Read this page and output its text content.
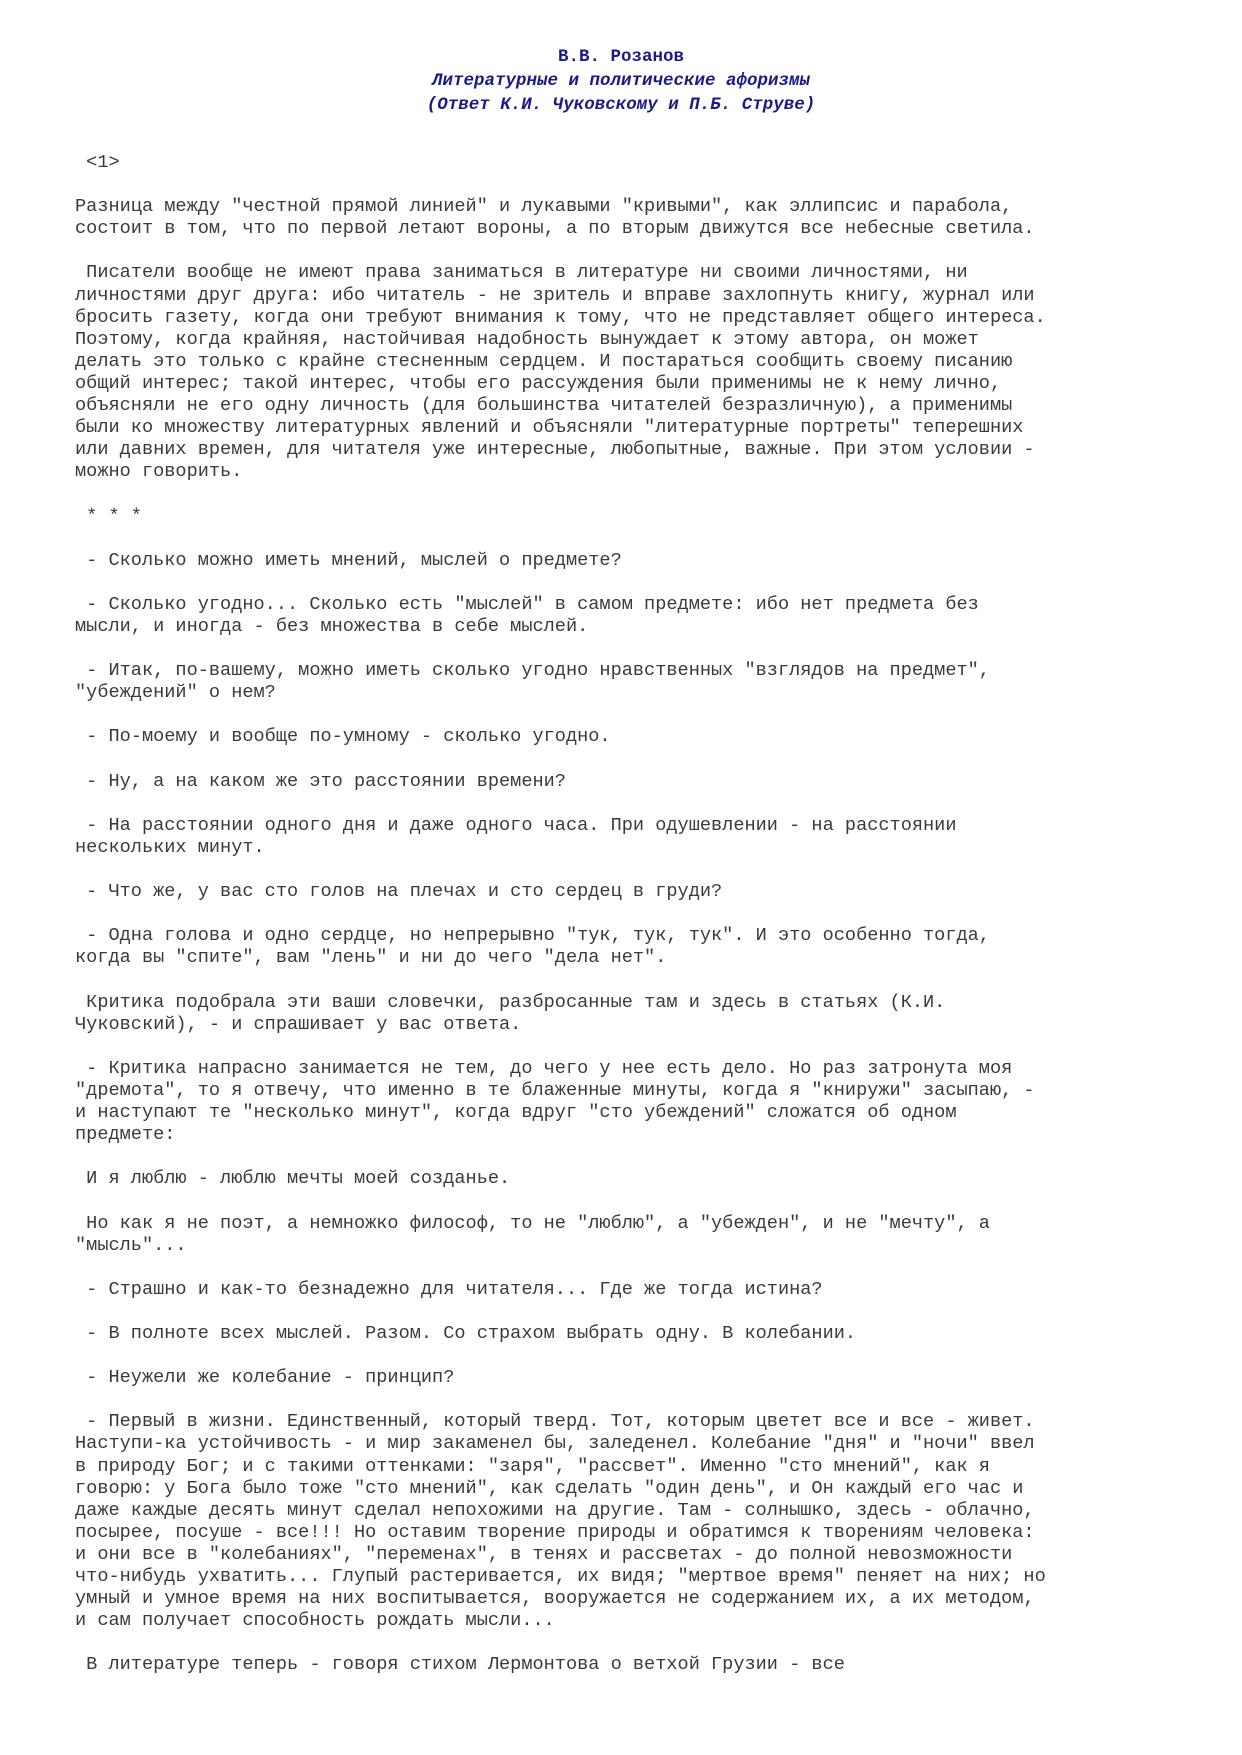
В.В. Розанов
Литературные и политические афоризмы
(Ответ К.И. Чуковскому и П.Б. Струве)
<1>

Разница между "честной прямой линией" и лукавыми "кривыми", как эллипсис и парабола,
состоит в том, что по первой летают вороны, а по вторым движутся все небесные светила.

Писатели вообще не имеют права заниматься в литературе ни своими личностями, ни
личностями друг друга: ибо читатель - не зритель и вправе захлопнуть книгу, журнал или
бросить газету, когда они требуют внимания к тому, что не представляет общего интереса.
Поэтому, когда крайняя, настойчивая надобность вынуждает к этому автора, он может
делать это только с крайне стесненным сердцем. И постараться сообщить своему писанию
общий интерес; такой интерес, чтобы его рассуждения были применимы не к нему лично,
объясняли не его одну личность (для большинства читателей безразличную), а применимы
были ко множеству литературных явлений и объясняли "литературные портреты" теперешних
или давних времен, для читателя уже интересные, любопытные, важные. При этом условии -
можно говорить.

* * *

- Сколько можно иметь мнений, мыслей о предмете?

- Сколько угодно... Сколько есть "мыслей" в самом предмете: ибо нет предмета без
мысли, и иногда - без множества в себе мыслей.

- Итак, по-вашему, можно иметь сколько угодно нравственных "взглядов на предмет",
"убеждений" о нем?

- По-моему и вообще по-умному - сколько угодно.

- Ну, а на каком же это расстоянии времени?

- На расстоянии одного дня и даже одного часа. При одушевлении - на расстоянии
нескольких минут.

- Что же, у вас сто голов на плечах и сто сердец в груди?

- Одна голова и одно сердце, но непрерывно "тук, тук, тук". И это особенно тогда,
когда вы "спите", вам "лень" и ни до чего "дела нет".

Критика подобрала эти ваши словечки, разбросанные там и здесь в статьях (К.И.
Чуковский), - и спрашивает у вас ответа.

- Критика напрасно занимается не тем, до чего у нее есть дело. Но раз затронута моя
"дремота", то я отвечу, что именно в те блаженные минуты, когда я "книружи" засыпаю, -
и наступают те "несколько минут", когда вдруг "сто убеждений" сложатся об одном
предмете:

И я люблю - люблю мечты моей созданье.

Но как я не поэт, а немножко философ, то не "люблю", а "убежден", и не "мечту", а
"мысль"...

- Страшно и как-то безнадежно для читателя... Где же тогда истина?

- В полноте всех мыслей. Разом. Со страхом выбрать одну. В колебании.

- Неужели же колебание - принцип?

- Первый в жизни. Единственный, который тверд. Тот, которым цветет все и все - живет.
Наступи-ка устойчивость - и мир закаменел бы, заледенел. Колебание "дня" и "ночи" ввел
в природу Бог; и с такими оттенками: "заря", "рассвет". Именно "сто мнений", как я
говорю: у Бога было тоже "сто мнений", как сделать "один день", и Он каждый его час и
даже каждые десять минут сделал непохожими на другие. Там - солнышко, здесь - облачно,
посырее, посуше - все!!! Но оставим творение природы и обратимся к творениям человека:
и они все в "колебаниях", "переменах", в тенях и рассветах - до полной невозможности
что-нибудь ухватить... Глупый растеривается, их видя; "мертвое время" пеняет на них; но
умный и умное время на них воспитывается, вооружается не содержанием их, а их методом,
и сам получает способность рождать мысли...

В литературе теперь - говоря стихом Лермонтова о ветхой Грузии - все
